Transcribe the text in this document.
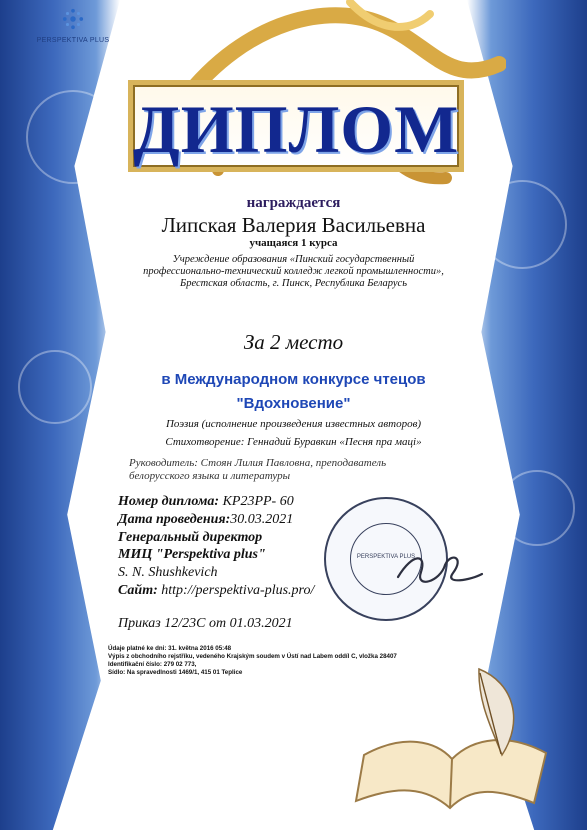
PERSPEKTIVA PLUS
ДИПЛОМ
награждается
Липская Валерия Васильевна
учащаяся 1 курса
Учреждение образования «Пинский государственный
профессионально-технический колледж легкой промышленности»,
Брестская область, г. Пинск, Республика Беларусь
За 2 место
в Международном конкурсе чтецов
"Вдохновение"
Поэзия (исполнение произведения известных авторов)
Стихотворение: Геннадий Буравкин «Песня пра маці»
Руководитель: Стоян Лилия Павловна, преподаватель
белорусского языка и литературы
Номер диплома: КР23РР- 60
Дата проведения:30.03.2021
Генеральный директор
МИЦ "Perspektiva plus"
S. N. Shushkevich
Сайт: http://perspektiva-plus.pro/
Приказ 12/23С от 01.03.2021
Údaje platné ke dni: 31. května 2016 05:48
Výpis z obchodního rejstříku, vedeného Krajským soudem v Ústí nad Labem oddíl C, vložka 28407
Identifikační číslo: 279 02 773,
Sídlo: Na spravedlnosti 1469/1, 415 01 Teplice
PERSPEKTIVA PLUS
